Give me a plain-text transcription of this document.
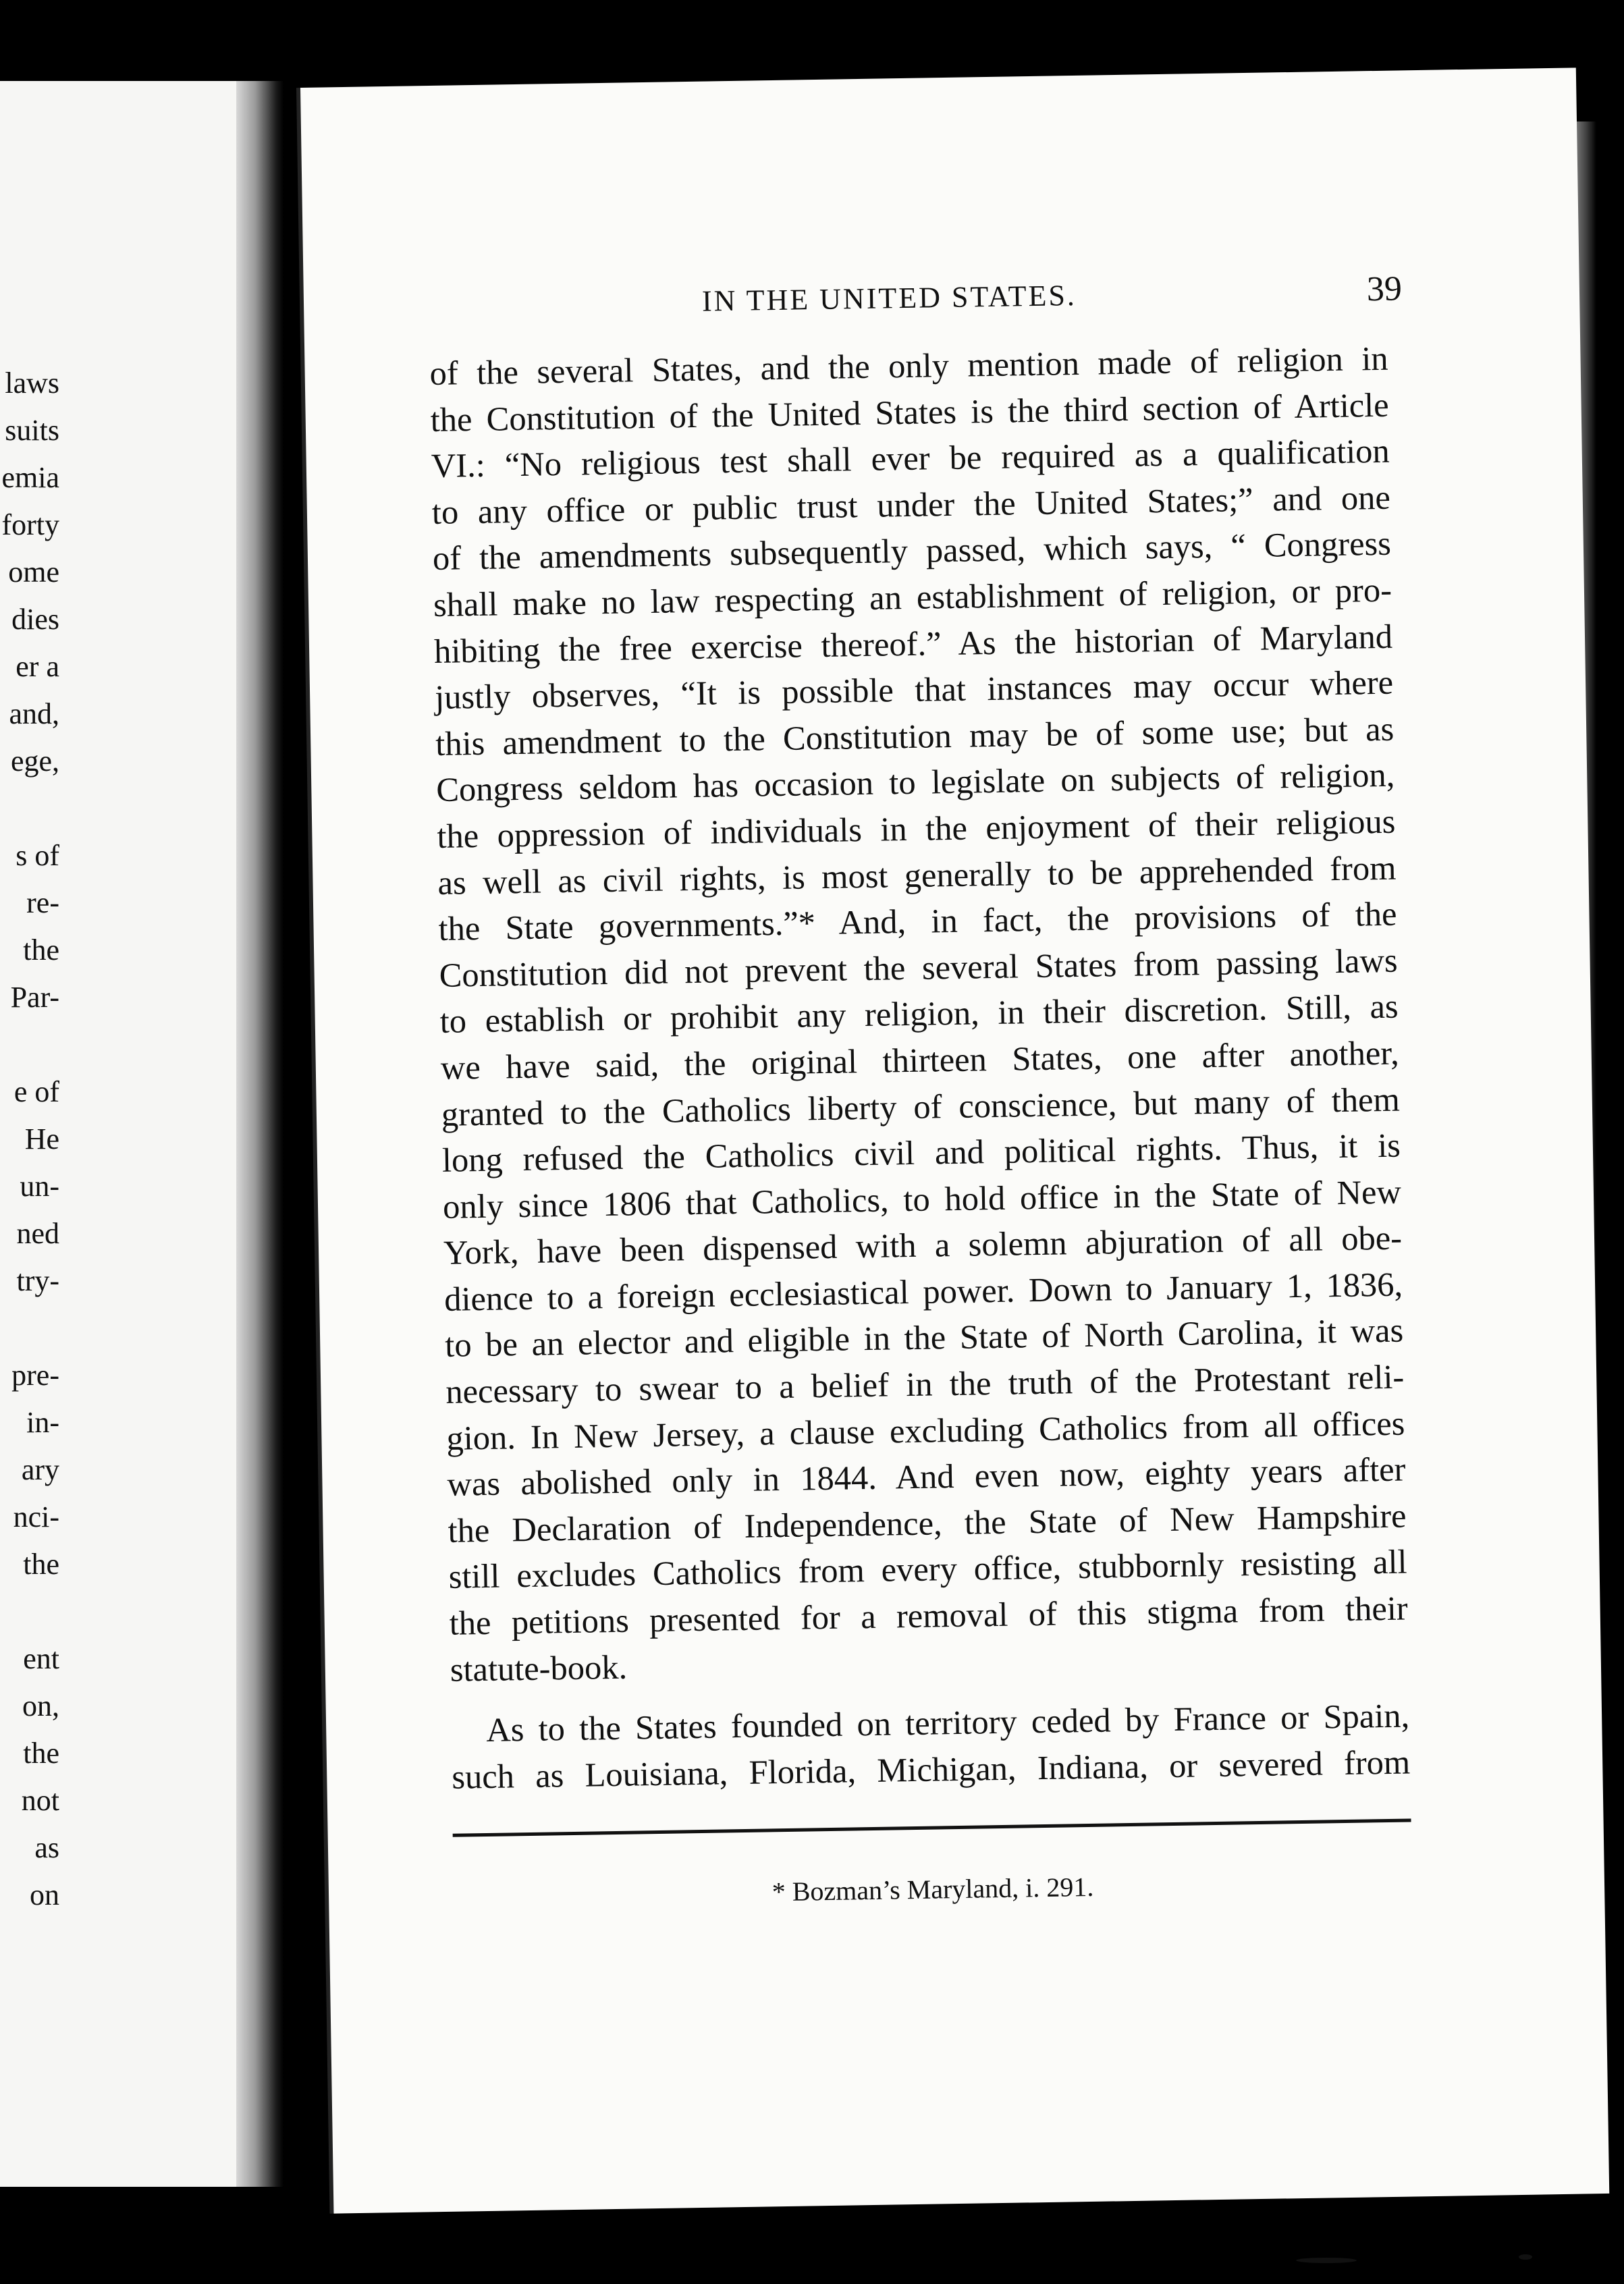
laws
suits
emia
forty
ome
dies
er a
and,
ege,
s of
re-
the
Par-
e of
He
un-
ned
try-
pre-
in-
ary
nci-
the
ent
on,
the
not
as
on
IN THE UNITED STATES.	39
of the several States, and the only mention made of religion in
the Constitution of the United States is the third section of Article
VI.: “No religious test shall ever be required as a qualification
to any office or public trust under the United States;” and one
of the amendments subsequently passed, which says, “ Congress
shall make no law respecting an establishment of religion, or pro-
hibiting the free exercise thereof.” As the historian of Maryland
justly observes, “It is possible that instances may occur where
this amendment to the Constitution may be of some use; but as
Congress seldom has occasion to legislate on subjects of religion,
the oppression of individuals in the enjoyment of their religious
as well as civil rights, is most generally to be apprehended from
the State governments.”* And, in fact, the provisions of the
Constitution did not prevent the several States from passing laws
to establish or prohibit any religion, in their discretion. Still, as
we have said, the original thirteen States, one after another,
granted to the Catholics liberty of conscience, but many of them
long refused the Catholics civil and political rights. Thus, it is
only since 1806 that Catholics, to hold office in the State of New
York, have been dispensed with a solemn abjuration of all obe-
dience to a foreign ecclesiastical power. Down to January 1, 1836,
to be an elector and eligible in the State of North Carolina, it was
necessary to swear to a belief in the truth of the Protestant reli-
gion. In New Jersey, a clause excluding Catholics from all offices
was abolished only in 1844. And even now, eighty years after
the Declaration of Independence, the State of New Hampshire
still excludes Catholics from every office, stubbornly resisting all
the petitions presented for a removal of this stigma from their
statute-book.
As to the States founded on territory ceded by France or Spain,
such as Louisiana, Florida, Michigan, Indiana, or severed from
* Bozman’s Maryland, i. 291.
